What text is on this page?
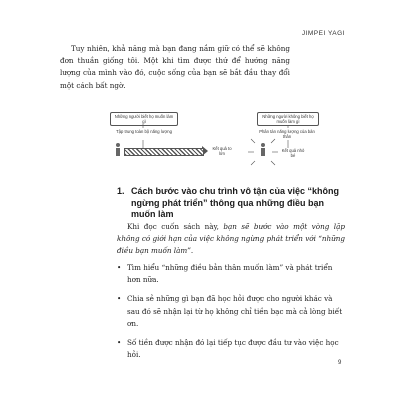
JIMPEI YAGI
Tuy nhiên, khả năng mà bạn đang nắm giữ có thể sẽ không đơn thuần giống tôi. Một khi tìm được thứ để hướng năng lượng của mình vào đó, cuộc sống của bạn sẽ bắt đầu thay đổi một cách bất ngờ.
Những người biết họ muốn làm gì
Tập trung toàn bộ năng lượng
Kết quả to lớn
Những người không biết họ muốn làm gì
Phân tán năng lượng của bản thân
Kết quả nhỏ bé
1. Cách bước vào chu trình vô tận của việc “không ngừng phát triển” thông qua những điều bạn muốn làm
Khi đọc cuốn sách này, bạn sẽ bước vào một vòng lặp không có giới hạn của việc không ngừng phát triển với “những điều bạn muốn làm”.
• Tìm hiểu “những điều bản thân muốn làm” và phát triển hơn nữa.
• Chia sẻ những gì bạn đã học hỏi được cho người khác và sau đó sẽ nhận lại từ họ không chỉ tiền bạc mà cả lòng biết ơn.
• Số tiền được nhận đó lại tiếp tục được đầu tư vào việc học hỏi.
9
